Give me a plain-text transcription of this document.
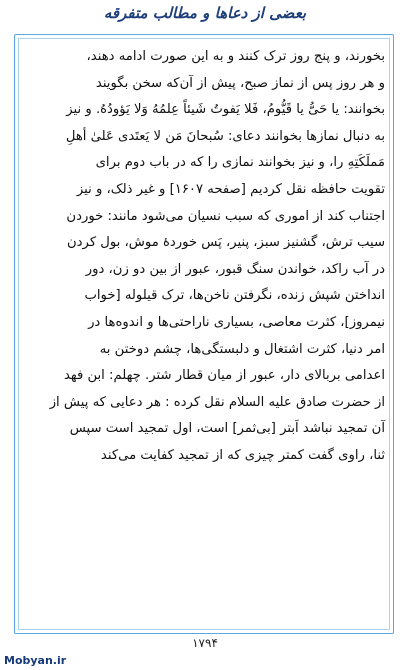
بعضی از دعاها و مطالب متفرقه

بخورند، و پنج روز ترک کنند و به این صورت ادامه دهند،

و هر روز پس از نماز صبح، پیش از آن‌که سخن بگویند

بخوانند: یا حَیُّ یا قَیُّومُ، فَلا یَفوتُ شَیئاً عِلمُهُ وَلا یَؤودُهُ. و نیز

به دنبال نمازها بخوانند دعای: سُبحانَ مَن لا یَعتَدی عَلیٰ أهلِ

مَملَکَتِهِ را، و نیز بخوانند نمازی را که در باب دوم برای

تقویت حافظه نقل کردیم [صفحه ۱۶۰۷] و غیر ذلک، و نیز

اجتناب کند از اموری که سبب نسیان می‌شود مانند: خوردن

سیب ترش، گشنیز سبز، پنیر، پَس خوردهٔ موش، بول کردن

در آب راکد، خواندن سنگ قبور، عبور از بین دو زن، دور

انداختن شپش زنده، نگرفتن ناخن‌ها، ترک قیلوله [خواب

نیمروز]، کثرت معاصی، بسیاری ناراحتی‌ها و اندوه‌ها در

امر دنیا، کثرت اشتغال و دلبستگی‌ها، چشم دوختن به

اعدامی بربالای دار، عبور از میان قطار شتر. چهلم: ابن فهد

از حضرت صادق علیه السلام نقل کرده : هر دعایی که پیش از

آن تمجید نباشد اَبتر [بی‌ثمر] است، اول تمجید است سپس

ثنا، راوی گفت کمتر چیزی که از تمجید کفایت می‌کند

۱۷۹۴
Mobyan.ir
